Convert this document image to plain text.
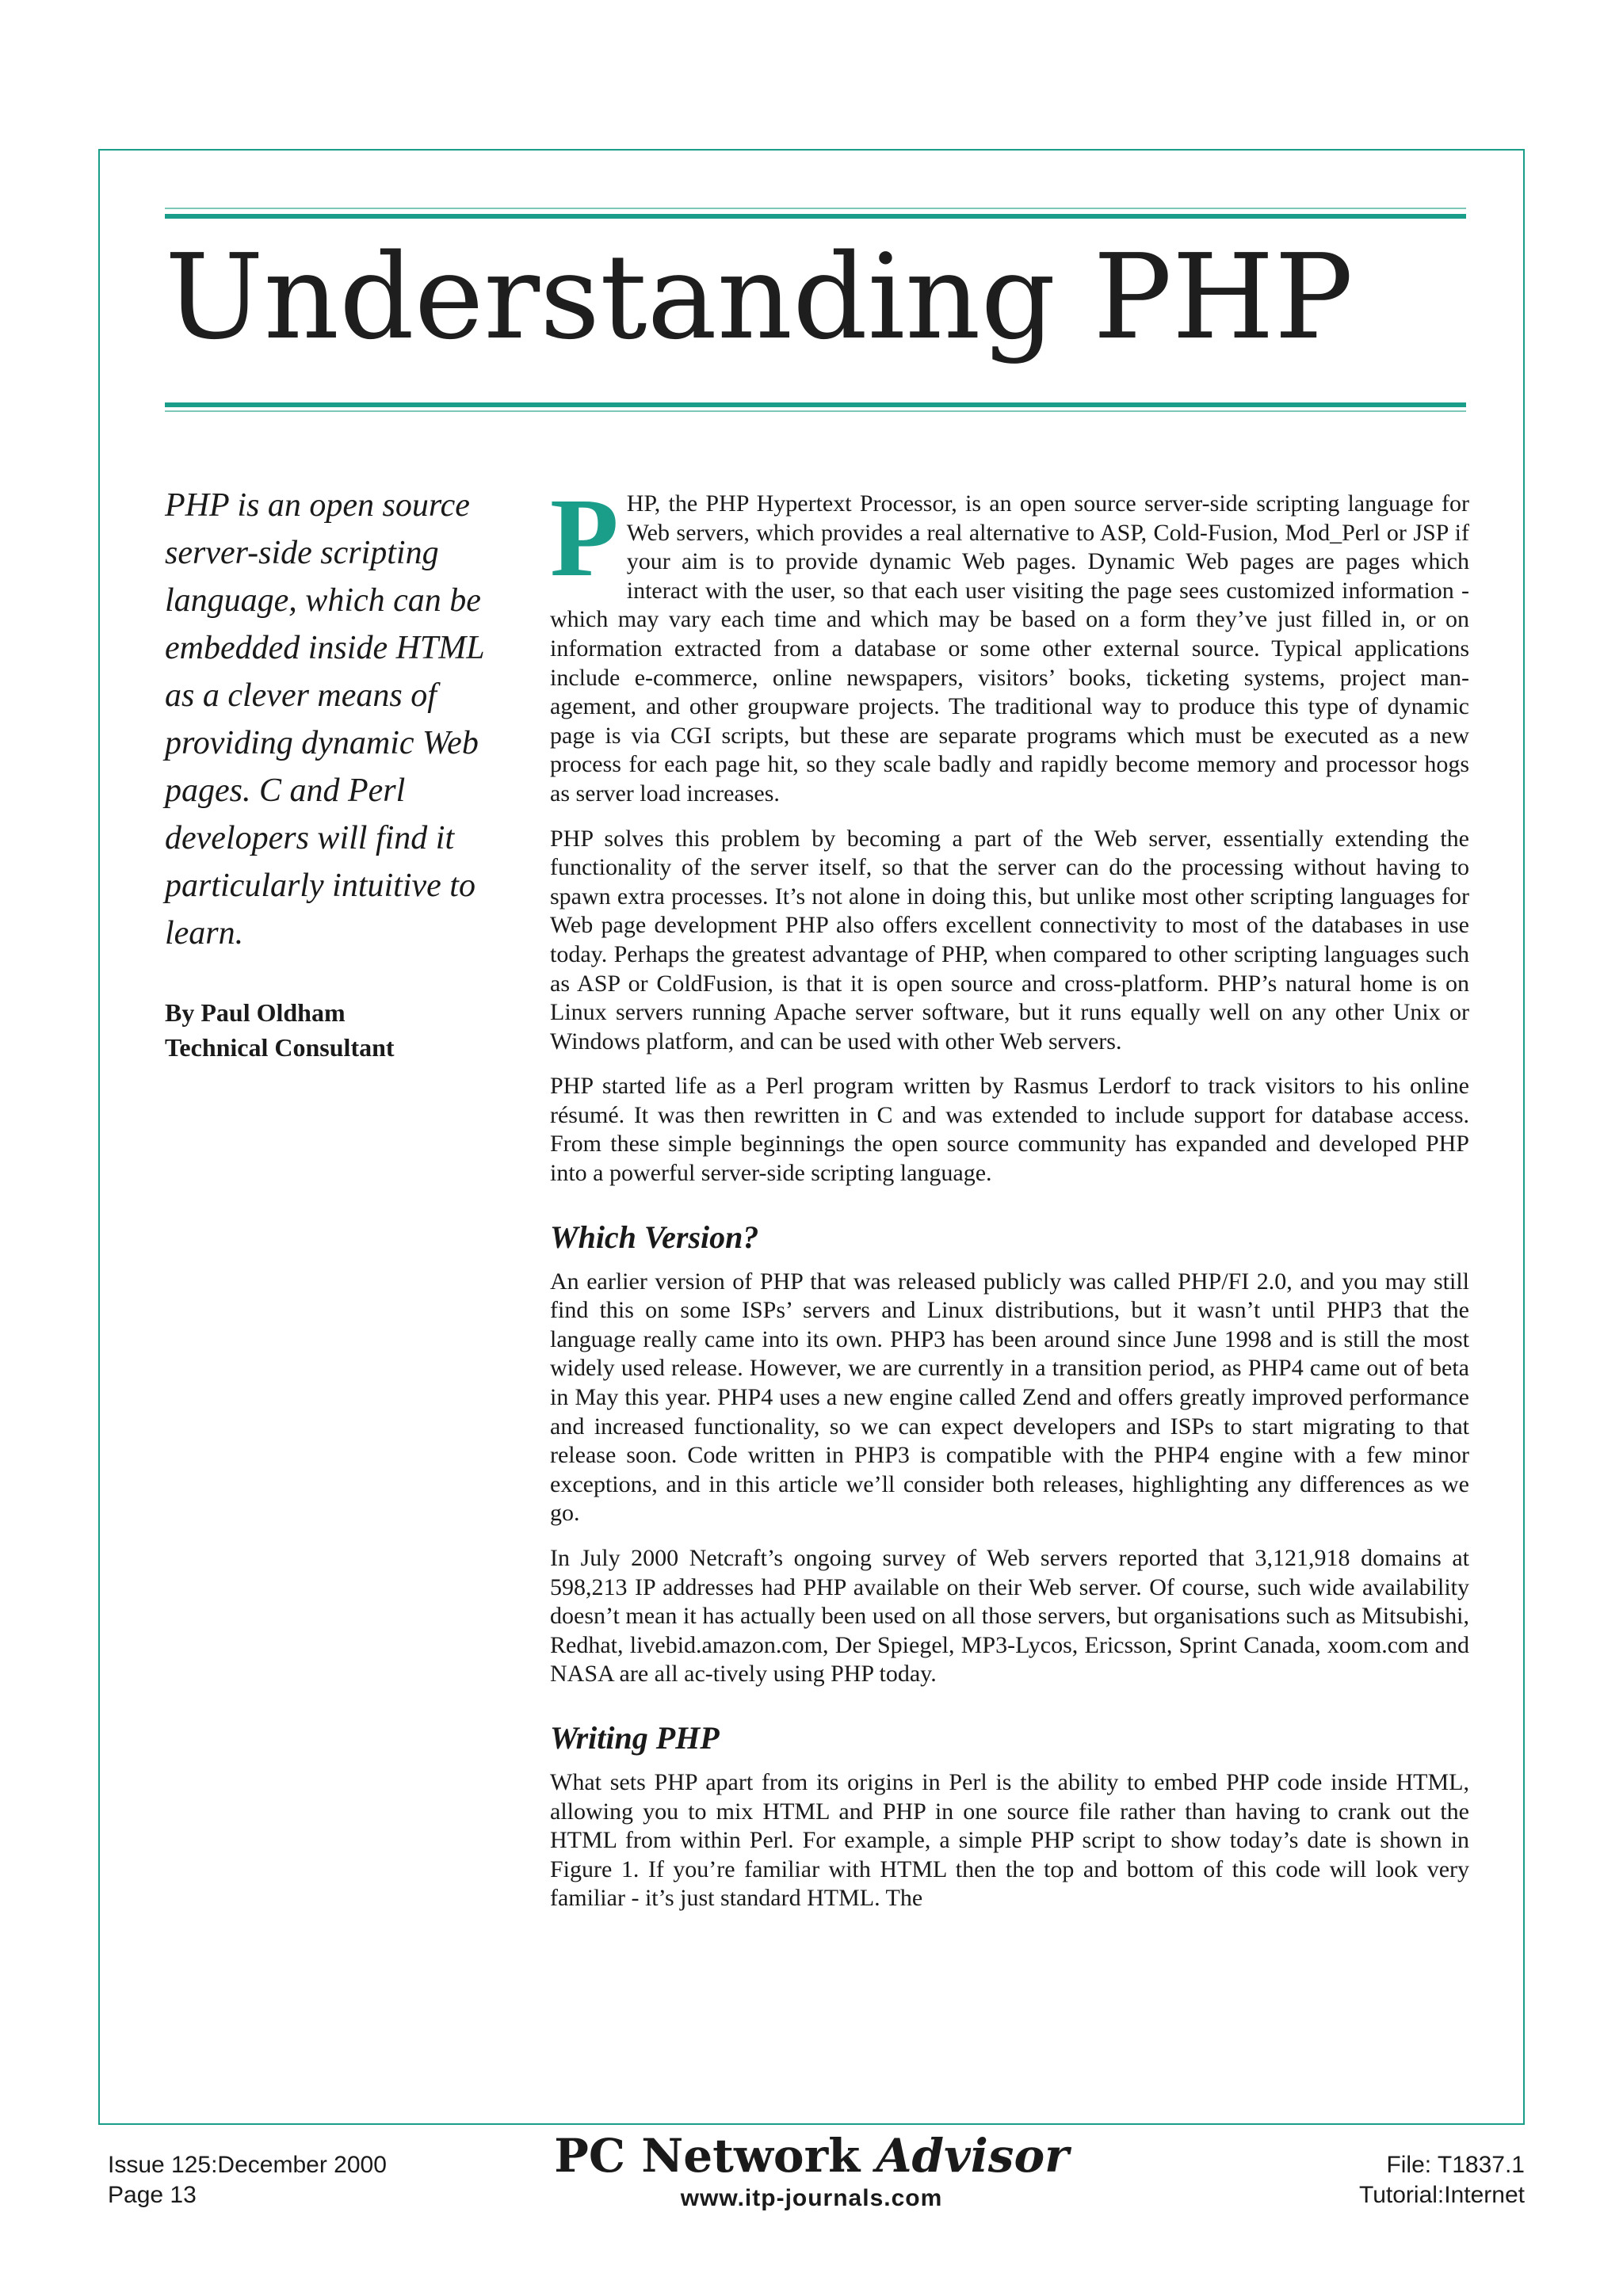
Understanding PHP

PHP is an open source server-side scripting language, which can be embedded inside HTML as a clever means of providing dynamic Web pages. C and Perl developers will find it particularly intuitive to learn.

By Paul Oldham
Technical Consultant

PHP, the PHP Hypertext Processor, is an open source server-side scripting language for Web servers, which provides a real alternative to ASP, Cold-Fusion, Mod_Perl or JSP if your aim is to provide dynamic Web pages. Dynamic Web pages are pages which interact with the user, so that each user visiting the page sees customized information - which may vary each time and which may be based on a form they’ve just filled in, or on information extracted from a database or some other external source. Typical applications include e-commerce, online newspapers, visitors’ books, ticketing systems, project man-agement, and other groupware projects. The traditional way to produce this type of dynamic page is via CGI scripts, but these are separate programs which must be executed as a new process for each page hit, so they scale badly and rapidly become memory and processor hogs as server load increases.

PHP solves this problem by becoming a part of the Web server, essentially extending the functionality of the server itself, so that the server can do the processing without having to spawn extra processes. It’s not alone in doing this, but unlike most other scripting languages for Web page development PHP also offers excellent connectivity to most of the databases in use today. Perhaps the greatest advantage of PHP, when compared to other scripting languages such as ASP or ColdFusion, is that it is open source and cross-platform. PHP’s natural home is on Linux servers running Apache server software, but it runs equally well on any other Unix or Windows platform, and can be used with other Web servers.

PHP started life as a Perl program written by Rasmus Lerdorf to track visitors to his online résumé. It was then rewritten in C and was extended to include support for database access. From these simple beginnings the open source community has expanded and developed PHP into a powerful server-side scripting language.

Which Version?

An earlier version of PHP that was released publicly was called PHP/FI 2.0, and you may still find this on some ISPs’ servers and Linux distributions, but it wasn’t until PHP3 that the language really came into its own. PHP3 has been around since June 1998 and is still the most widely used release. However, we are currently in a transition period, as PHP4 came out of beta in May this year. PHP4 uses a new engine called Zend and offers greatly improved performance and increased functionality, so we can expect developers and ISPs to start migrating to that release soon. Code written in PHP3 is compatible with the PHP4 engine with a few minor exceptions, and in this article we’ll consider both releases, highlighting any differences as we go.

In July 2000 Netcraft’s ongoing survey of Web servers reported that 3,121,918 domains at 598,213 IP addresses had PHP available on their Web server. Of course, such wide availability doesn’t mean it has actually been used on all those servers, but organisations such as Mitsubishi, Redhat, livebid.amazon.com, Der Spiegel, MP3-Lycos, Ericsson, Sprint Canada, xoom.com and NASA are all ac-tively using PHP today.

Writing PHP

What sets PHP apart from its origins in Perl is the ability to embed PHP code inside HTML, allowing you to mix HTML and PHP in one source file rather than having to crank out the HTML from within Perl. For example, a simple PHP script to show today’s date is shown in Figure 1. If you’re familiar with HTML then the top and bottom of this code will look very familiar - it’s just standard HTML. The

Issue 125:December 2000
Page 13
PC Network Advisor
www.itp-journals.com
File: T1837.1
Tutorial:Internet
